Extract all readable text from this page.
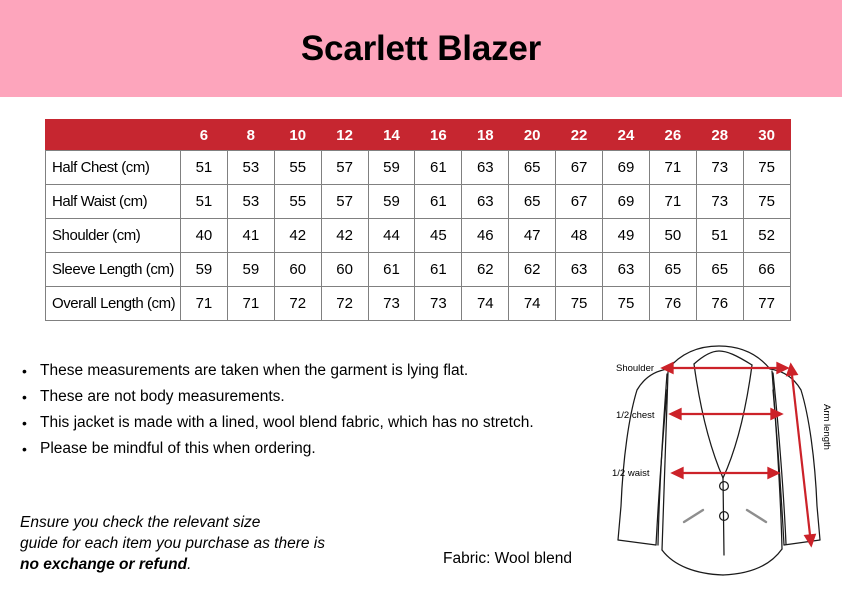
Scarlett Blazer
	6	8	10	12	14	16	18	20	22	24	26	28	30
Half Chest (cm)	51	53	55	57	59	61	63	65	67	69	71	73	75
Half Waist (cm)	51	53	55	57	59	61	63	65	67	69	71	73	75
Shoulder (cm)	40	41	42	42	44	45	46	47	48	49	50	51	52
Sleeve Length (cm)	59	59	60	60	61	61	62	62	63	63	65	65	66
Overall Length (cm)	71	71	72	72	73	73	74	74	75	75	76	76	77
• These measurements are taken when the garment is lying flat.
• These are not body measurements.
• This jacket is made with a lined, wool blend fabric, which has no stretch.
• Please be mindful of this when ordering.
Ensure you check the relevant size
guide for each item you purchase as there is
no exchange or refund.	Fabric: Wool blend
Shoulder
1/2 chest
1/2 waist
Arm length
